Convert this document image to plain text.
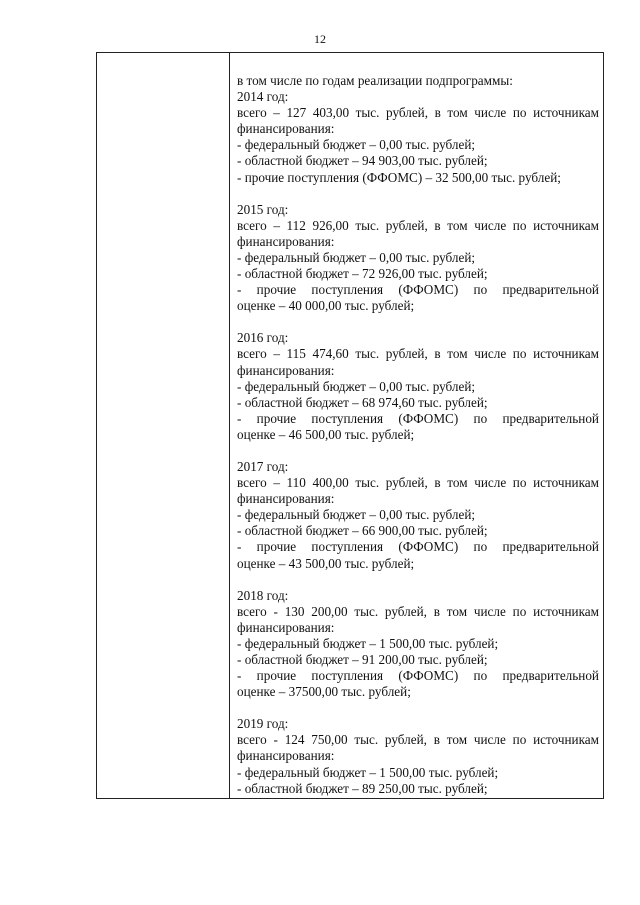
12
в том числе по годам реализации подпрограммы:
2014 год:
всего – 127 403,00 тыс. рублей, в том числе по источникам
финансирования:
- федеральный бюджет – 0,00 тыс. рублей;
- областной бюджет – 94 903,00 тыс. рублей;
- прочие поступления (ФФОМС) – 32 500,00 тыс. рублей;
2015 год:
всего – 112 926,00 тыс. рублей, в том числе по источникам
финансирования:
- федеральный бюджет – 0,00 тыс. рублей;
- областной бюджет – 72 926,00 тыс. рублей;
- прочие поступления (ФФОМС) по предварительной
оценке – 40 000,00 тыс. рублей;
2016 год:
всего – 115 474,60 тыс. рублей, в том числе по источникам
финансирования:
- федеральный бюджет – 0,00 тыс. рублей;
- областной бюджет – 68 974,60 тыс. рублей;
- прочие поступления (ФФОМС) по предварительной
оценке – 46 500,00 тыс. рублей;
2017 год:
всего – 110 400,00 тыс. рублей, в том числе по источникам
финансирования:
- федеральный бюджет – 0,00 тыс. рублей;
- областной бюджет – 66 900,00 тыс. рублей;
- прочие поступления (ФФОМС) по предварительной
оценке – 43 500,00 тыс. рублей;
2018 год:
всего - 130 200,00 тыс. рублей, в том числе по источникам
финансирования:
- федеральный бюджет – 1 500,00 тыс. рублей;
- областной бюджет – 91 200,00 тыс. рублей;
- прочие поступления (ФФОМС) по предварительной
оценке – 37500,00 тыс. рублей;
2019 год:
всего - 124 750,00 тыс. рублей, в том числе по источникам
финансирования:
- федеральный бюджет – 1 500,00 тыс. рублей;
- областной бюджет – 89 250,00 тыс. рублей;
